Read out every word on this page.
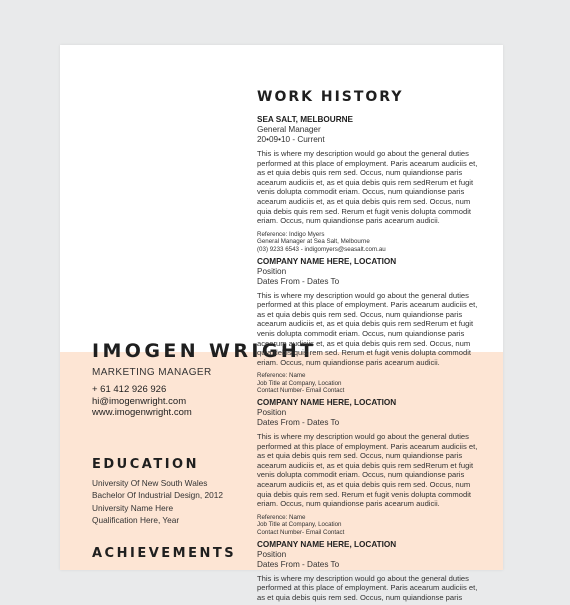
IMOGEN WRIGHT
MARKETING MANAGER
+ 61 412 926 926
hi@imogenwright.com
www.imogenwright.com
EDUCATION
University Of New South Wales
Bachelor Of Industrial Design, 2012
University Name Here
Qualification Here, Year
ACHIEVEMENTS
WORK HISTORY
SEA SALT, MELBOURNE
General Manager
20•09•10 - Current
This is where my description would go about the general duties performed at this place of employment. Paris acearum audiciis et, as et quia debis quis rem sed. Occus, num quiandionse paris acearum audiciis et, as et quia debis quis rem sedRerum et fugit venis dolupta commodit eriam. Occus, num quiandionse paris acearum audiciis et, as et quia debis quis rem sed. Occus, num quia debis quis rem sed. Rerum et fugit venis dolupta commodit eriam. Occus, num quiandionse paris acearum audicii.
Reference: Indigo Myers
General Manager at Sea Salt, Melbourne
(03) 9233 6543 - indigomyers@seasalt.com.au
COMPANY NAME HERE, LOCATION
Position
Dates From - Dates To
This is where my description would go about the general duties performed at this place of employment. Paris acearum audiciis et, as et quia debis quis rem sed. Occus, num quiandionse paris acearum audiciis et, as et quia debis quis rem sedRerum et fugit venis dolupta commodit eriam. Occus, num quiandionse paris acearum audiciis et, as et quia debis quis rem sed. Occus, num quia debis quis rem sed. Rerum et fugit venis dolupta commodit eriam. Occus, num quiandionse paris acearum audicii.
Reference: Name
Job Title at Company, Location
Contact Number- Email Contact
COMPANY NAME HERE, LOCATION
Position
Dates From - Dates To
This is where my description would go about the general duties performed at this place of employment. Paris acearum audiciis et, as et quia debis quis rem sed. Occus, num quiandionse paris acearum audiciis et, as et quia debis quis rem sedRerum et fugit venis dolupta commodit eriam. Occus, num quiandionse paris acearum audiciis et, as et quia debis quis rem sed. Occus, num quia debis quis rem sed. Rerum et fugit venis dolupta commodit eriam. Occus, num quiandionse paris acearum audicii.
Reference: Name
Job Title at Company, Location
Contact Number- Email Contact
COMPANY NAME HERE, LOCATION
Position
Dates From - Dates To
This is where my description would go about the general duties performed at this place of employment. Paris acearum audiciis et, as et quia debis quis rem sed. Occus, num quiandionse paris
